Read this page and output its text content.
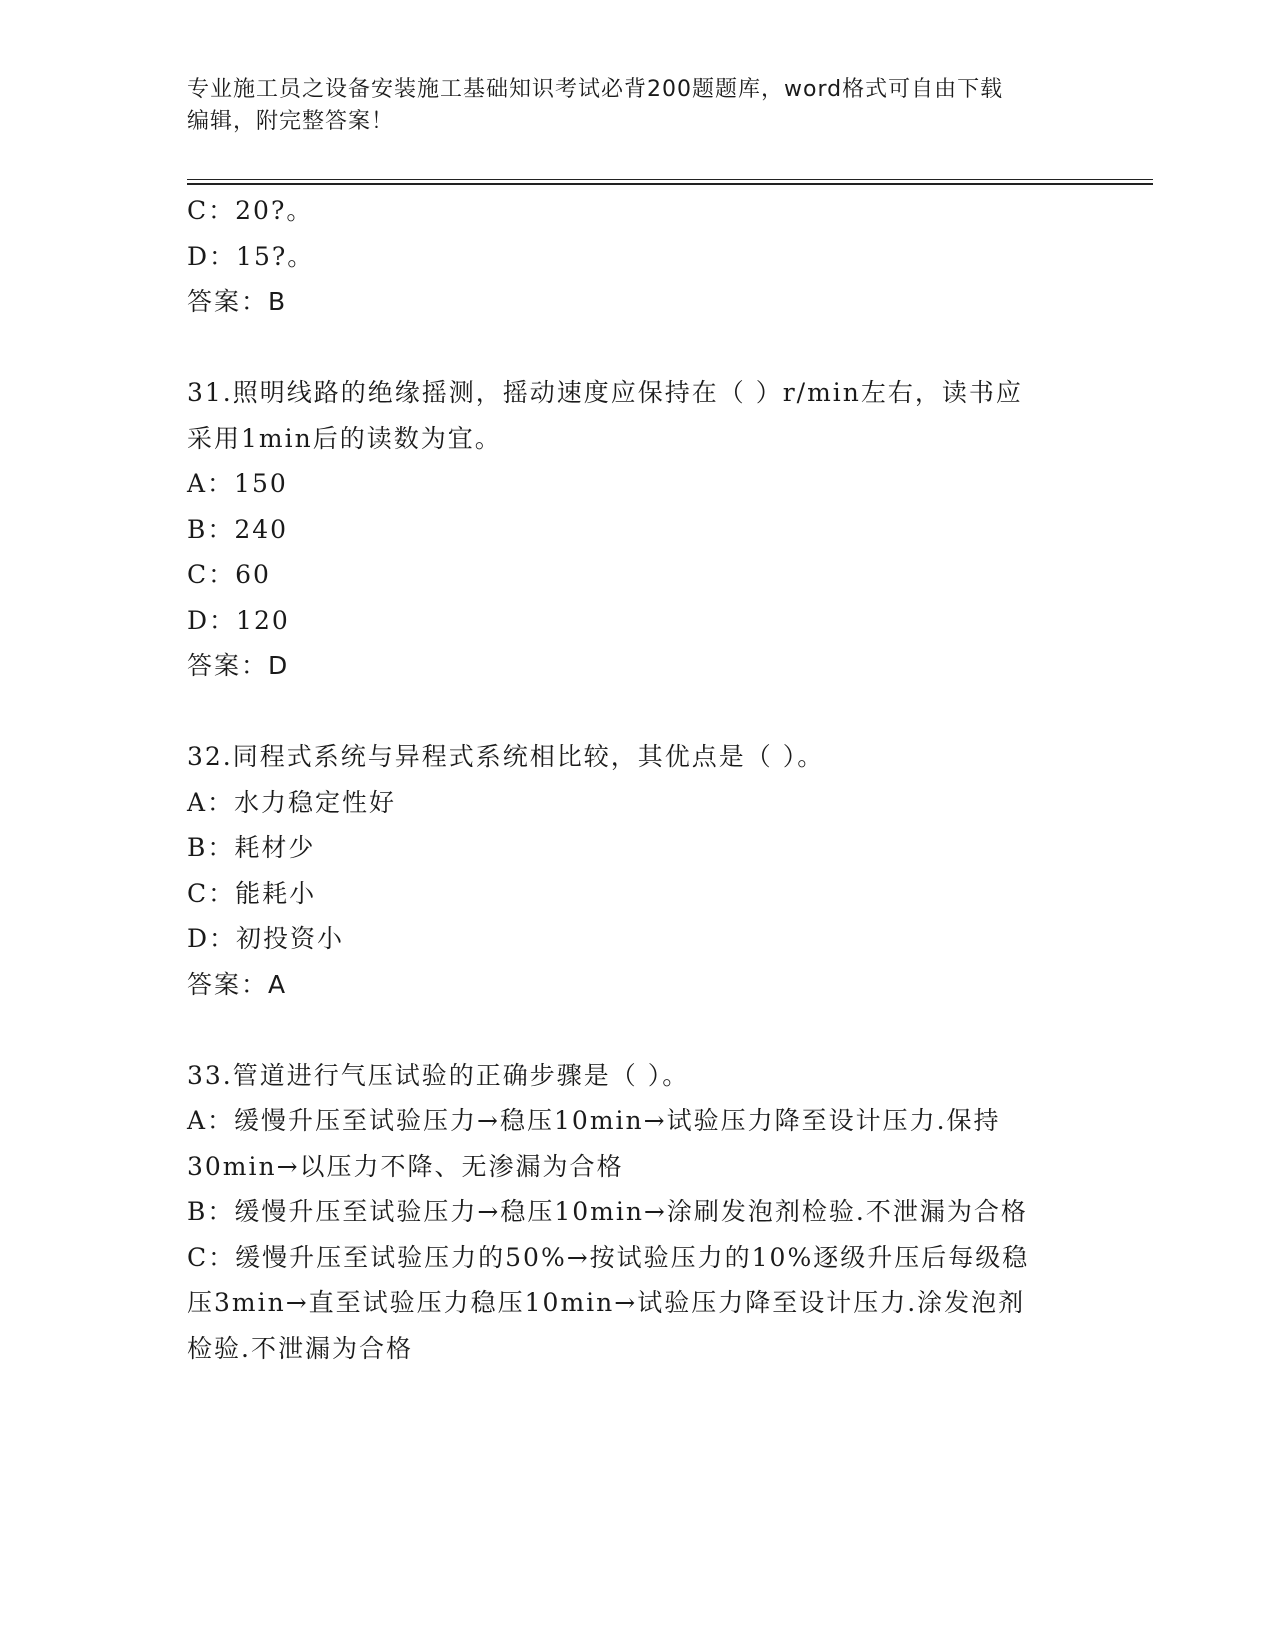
专业施工员之设备安装施工基础知识考试必背200题题库，word格式可自由下载
编辑，附完整答案！
C：20?。
D：15?。
答案：B
31.照明线路的绝缘摇测，摇动速度应保持在（ ）r/min左右，读书应
采用1min后的读数为宜。
A：150
B：240
C：60
D：120
答案：D
32.同程式系统与异程式系统相比较，其优点是（ ）。
A：水力稳定性好
B：耗材少
C：能耗小
D：初投资小
答案：A
33.管道进行气压试验的正确步骤是（ ）。
A：缓慢升压至试验压力→稳压10min→试验压力降至设计压力.保持
30min→以压力不降、无渗漏为合格
B：缓慢升压至试验压力→稳压10min→涂刷发泡剂检验.不泄漏为合格
C：缓慢升压至试验压力的50%→按试验压力的10%逐级升压后每级稳
压3min→直至试验压力稳压10min→试验压力降至设计压力.涂发泡剂
检验.不泄漏为合格
